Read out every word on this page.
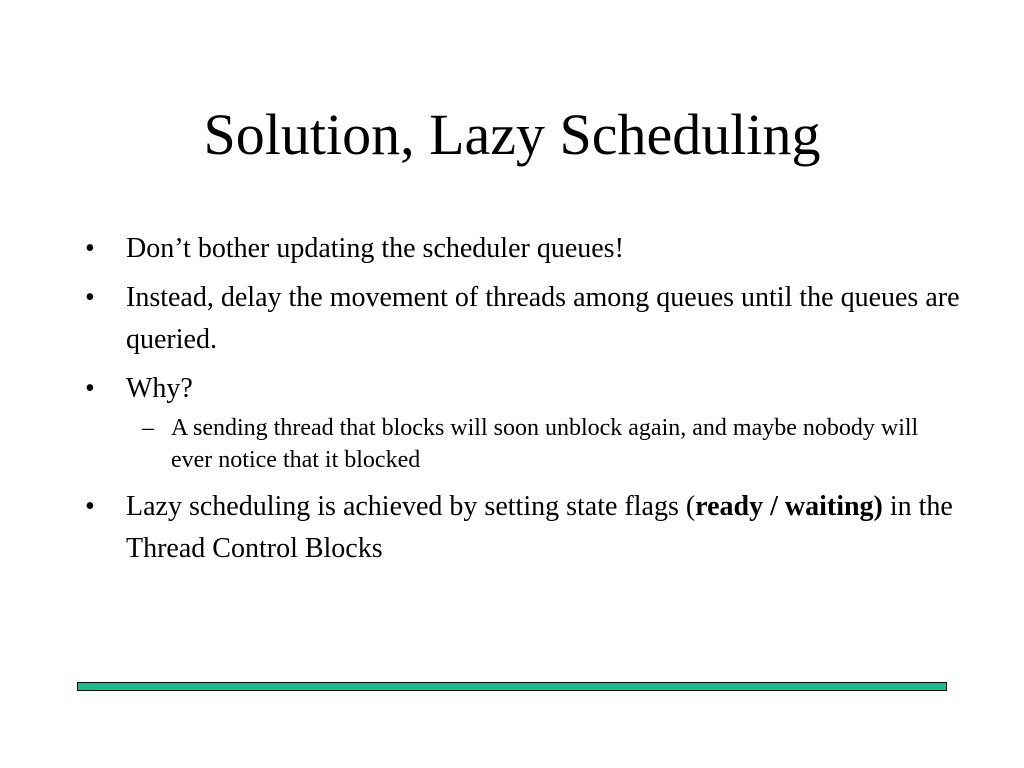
Solution, Lazy Scheduling
• Don’t bother updating the scheduler queues!
• Instead, delay the movement of threads among queues until the queues are queried.
• Why?
– A sending thread that blocks will soon unblock again, and maybe nobody will ever notice that it blocked
• Lazy scheduling is achieved by setting state flags (ready / waiting) in the Thread Control Blocks
